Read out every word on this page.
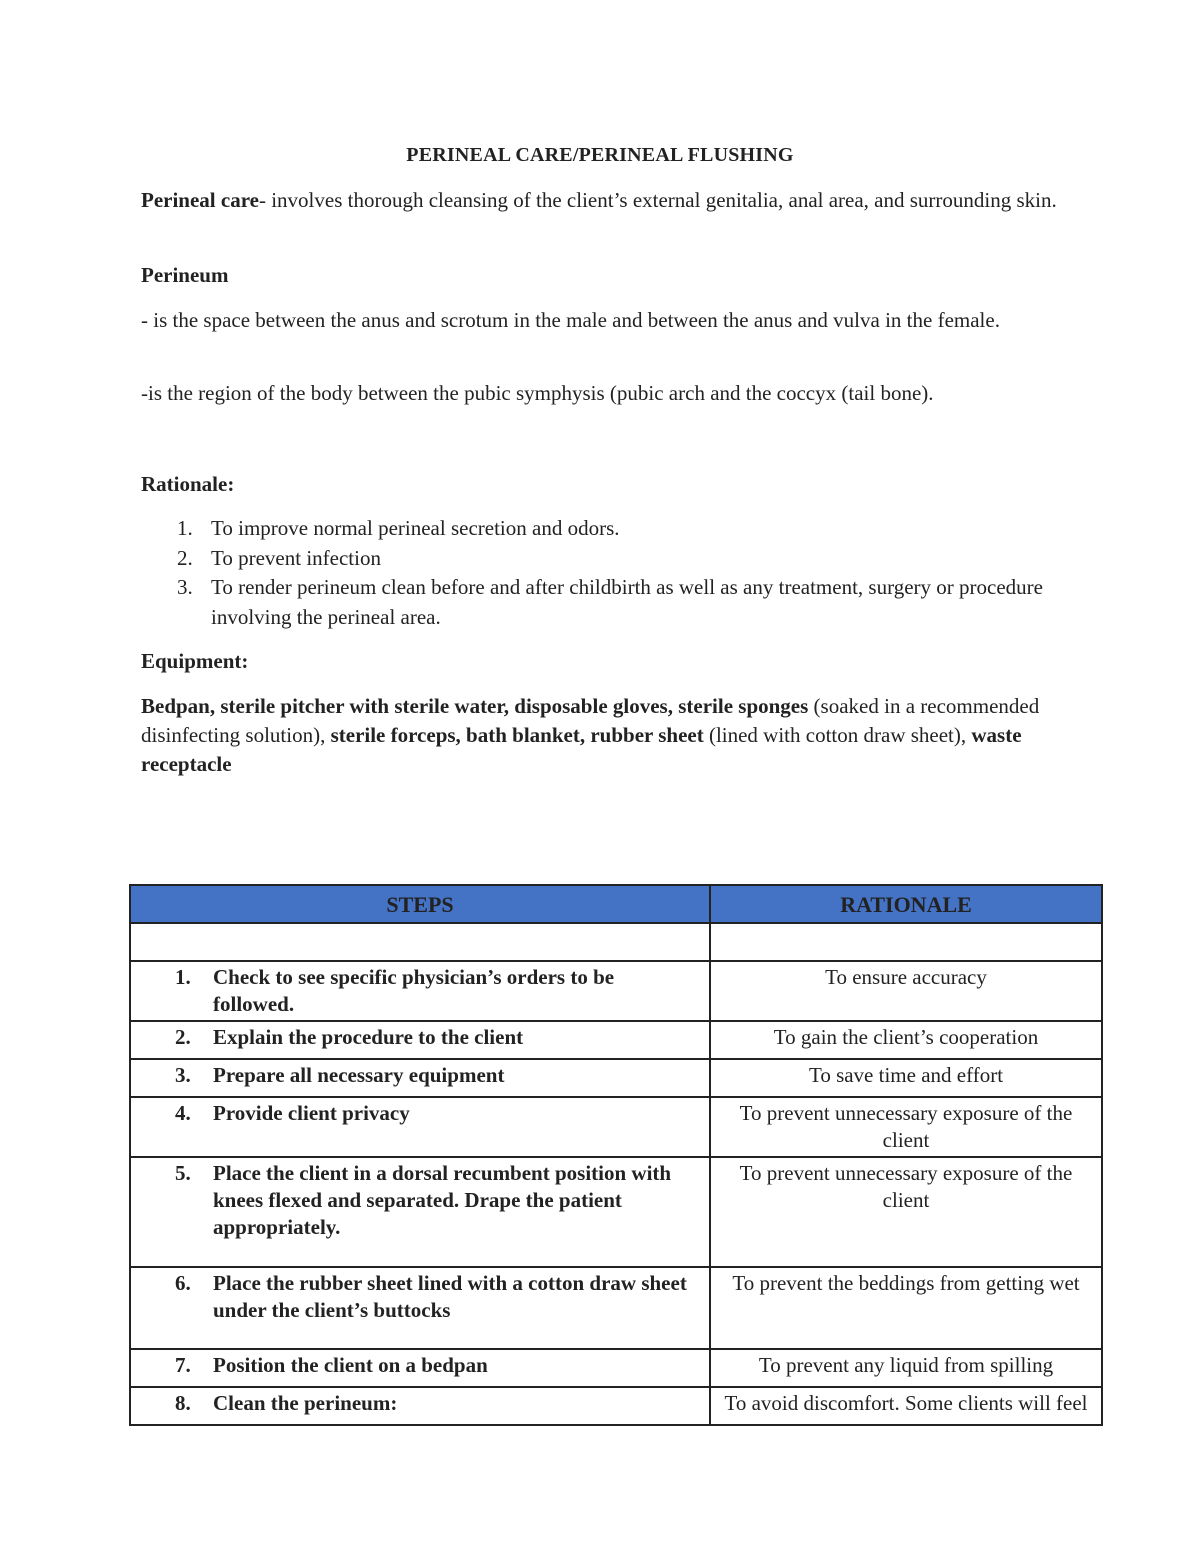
PERINEAL CARE/PERINEAL FLUSHING
Perineal care- involves thorough cleansing of the client’s external genitalia, anal area, and surrounding skin.
Perineum
- is the space between the anus and scrotum in the male and between the anus and vulva in the female.
-is the region of the body between the pubic symphysis (pubic arch and the coccyx (tail bone).
Rationale:
1. To improve normal perineal secretion and odors.
2. To prevent infection
3. To render perineum clean before and after childbirth as well as any treatment, surgery or procedure involving the perineal area.
Equipment:
Bedpan, sterile pitcher with sterile water, disposable gloves, sterile sponges (soaked in a recommended disinfecting solution), sterile forceps, bath blanket, rubber sheet (lined with cotton draw sheet), waste receptacle
STEPS	RATIONALE

1. Check to see specific physician’s orders to be followed.	To ensure accuracy

2. Explain the procedure to the client	To gain the client’s cooperation

3. Prepare all necessary equipment	To save time and effort

4. Provide client privacy	To prevent unnecessary exposure of the client

5. Place the client in a dorsal recumbent position with knees flexed and separated. Drape the patient appropriately.	To prevent unnecessary exposure of the client

6. Place the rubber sheet lined with a cotton draw sheet under the client’s buttocks	To prevent the beddings from getting wet

7. Position the client on a bedpan	To prevent any liquid from spilling

8. Clean the perineum:	To avoid discomfort. Some clients will feel
